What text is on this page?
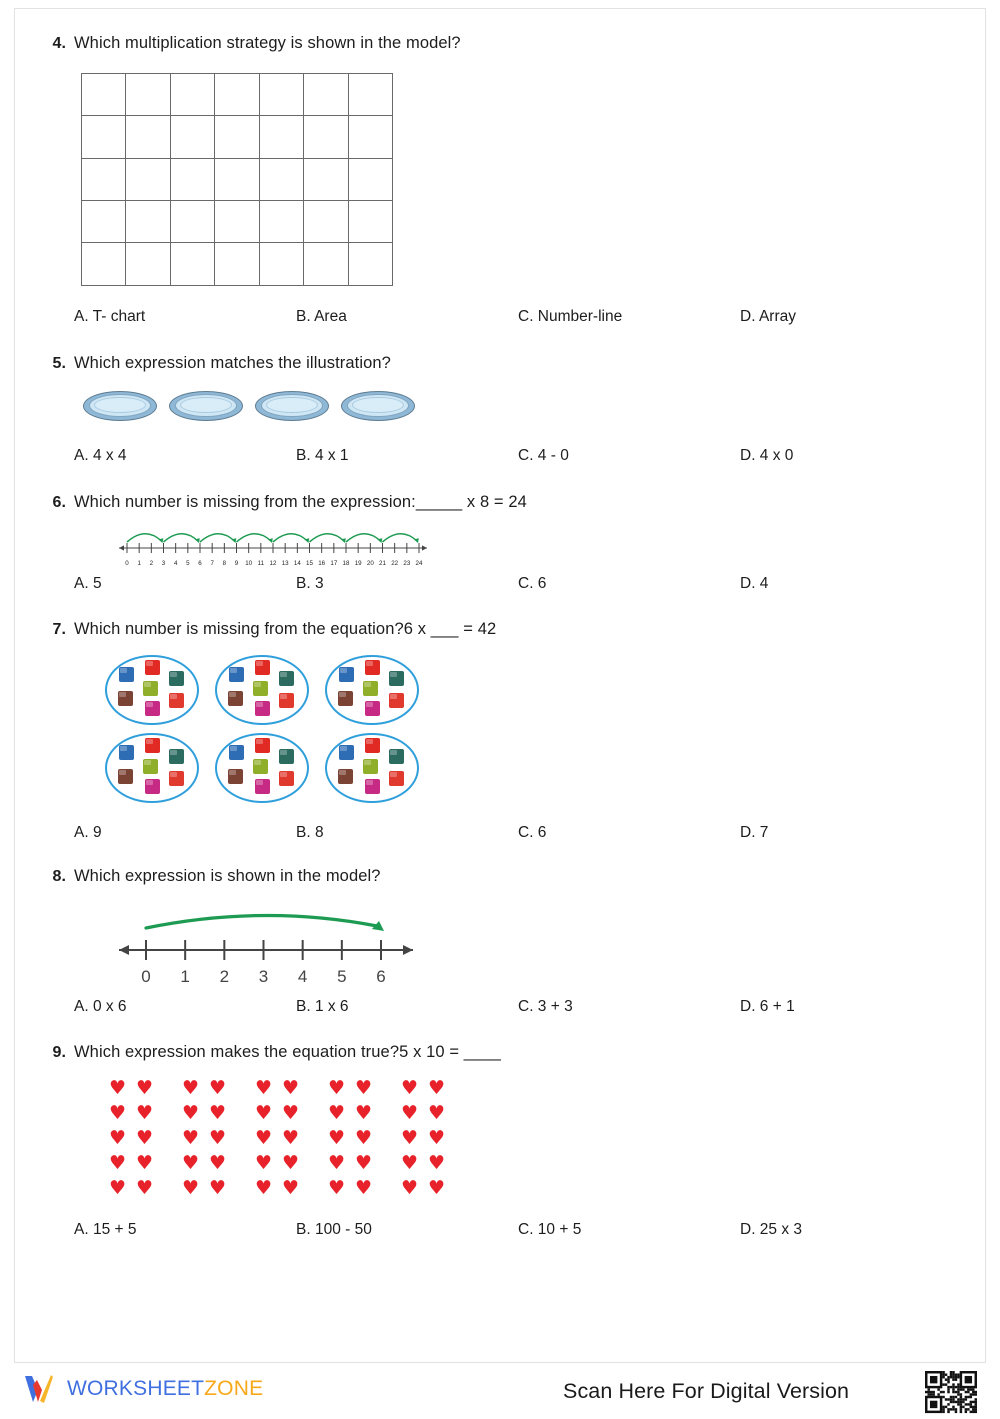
4. Which multiplication strategy is shown in the model?
A. T- chart	B. Area	C. Number-line	D. Array
5. Which expression matches the illustration?
A. 4 x 4	B. 4 x 1	C. 4 - 0	D. 4 x 0
6. Which number is missing from the expression:_____ x 8 = 24
0 1 2 3 4 5 6 7 8 9 10 11 12 13 14 15 16 17 18 19 20 21 22 23 24
A. 5	B. 3	C. 6	D. 4
7. Which number is missing from the equation?6 x ___ = 42
A. 9	B. 8	C. 6	D. 7
8. Which expression is shown in the model?
0 1 2 3 4 5 6
A. 0 x 6	B. 1 x 6	C. 3 + 3	D. 6 + 1
9. Which expression makes the equation true?5 x 10 = ____
♥ ♥
♥ ♥
♥ ♥
♥ ♥
♥ ♥
♥ ♥
♥ ♥
♥ ♥
♥ ♥
♥ ♥
♥ ♥
♥ ♥
♥ ♥
♥ ♥
♥ ♥
♥ ♥
♥ ♥
♥ ♥
♥ ♥
♥ ♥
♥ ♥
♥ ♥
♥ ♥
♥ ♥
♥ ♥
A. 15 + 5	B. 100 - 50	C. 10 + 5	D. 25 x 3
WORKSHEETZONE	Scan Here For Digital Version
